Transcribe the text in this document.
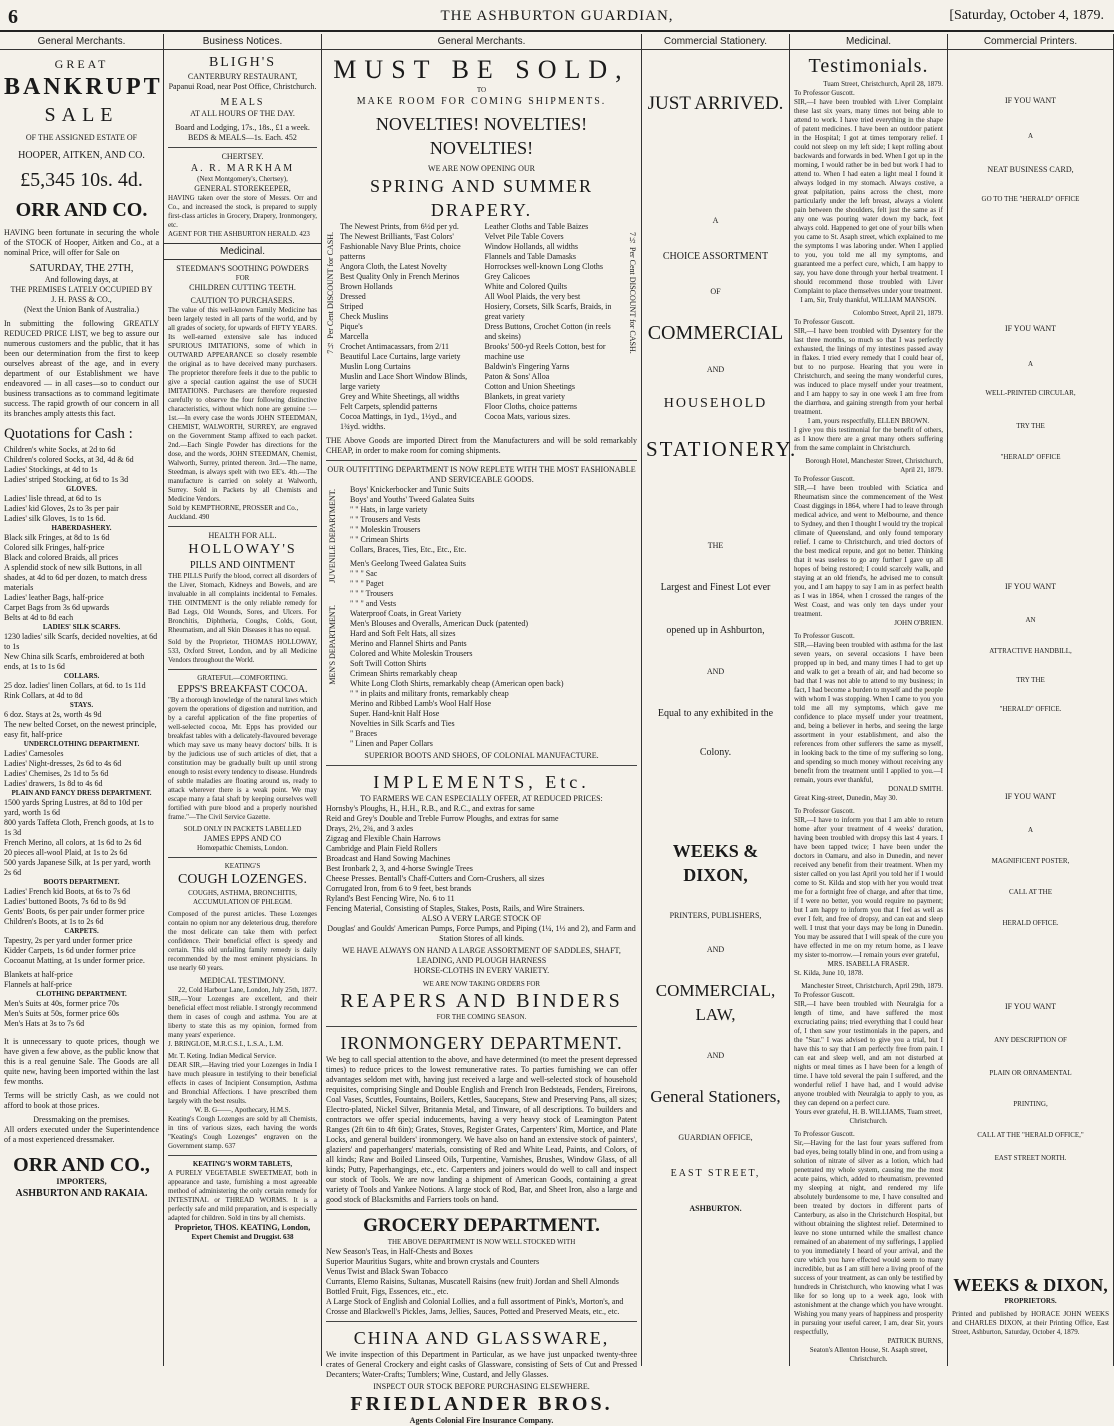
6	THE ASHBURTON GUARDIAN,	[Saturday, October 4, 1879.
General Merchants.
GREAT
BANKRUPT
SALE
OF THE ASSIGNED ESTATE OF
HOOPER, AITKEN, AND CO.
£5,345 10s. 4d.
ORR AND CO.
HAVING been fortunate in securing the whole of the STOCK of Hooper, Aitken and Co., at a nominal Price, will offer for Sale on
SATURDAY, THE 27TH,
And following days, at
THE PREMISES LATELY OCCUPIED BY
J. H. PASS & CO.,
(Next the Union Bank of Australia.)
In submitting the following GREATLY REDUCED PRICE LIST, we beg to assure our numerous customers and the public, that it has been our determination from the first to keep ourselves abreast of the age, and in every department of our Establishment we have endeavored — in all cases—so to conduct our business transactions as to command legitimate success. The rapid growth of our concern in all its branches amply attests this fact.
Quotations for Cash :
Children's white Socks, at 2d to 6d
Children's colored Socks, at 3d, 4d & 6d
Ladies' Stockings, at 4d to 1s
Ladies' striped Stocking, at 6d to 1s 3d
GLOVES.
Ladies' lisle thread, at 6d to 1s
Ladies' kid Gloves, 2s to 3s per pair
Ladies' silk Gloves, 1s to 1s 6d.
HABERDASHERY.
Black silk Fringes, at 8d to 1s 6d
Colored silk Fringes, half-price
Black and colored Braids, all prices
A splendid stock of new silk Buttons, in all shades, at 4d to 6d per dozen, to match dress materials
Ladies' leather Bags, half-price
Carpet Bags from 3s 6d upwards
Belts at 4d to 8d each
LADIES' SILK SCARFS.
1230 ladies' silk Scarfs, decided novelties, at 6d to 1s
New China silk Scarfs, embroidered at both ends, at 1s to 1s 6d
COLLARS.
25 doz. ladies' linen Collars, at 6d. to 1s 11d
Rink Collars, at 4d to 8d
STAYS.
6 doz. Stays at 2s, worth 4s 9d
The new belted Corset, on the newest principle, easy fit, half-price
UNDERCLOTHING DEPARTMENT.
Ladies' Camesoles
Ladies' Night-dresses, 2s 6d to 4s 6d
Ladies' Chemises, 2s 1d to 5s 6d
Ladies' drawers, 1s 8d to 4s 6d
PLAIN AND FANCY DRESS DEPARTMENT.
1500 yards Spring Lustres, at 8d to 10d per yard, worth 1s 6d
800 yards Taffeta Cloth, French goods, at 1s to 1s 3d
French Merino, all colors, at 1s 6d to 2s 6d
20 pieces all-wool Plaid, at 1s to 2s 6d
500 yards Japanese Silk, at 1s per yard, worth 2s 6d
BOOTS DEPARTMENT.
Ladies' French kid Boots, at 6s to 7s 6d
Ladies' buttoned Boots, 7s 6d to 8s 9d
Gents' Boots, 6s per pair under former price
Children's Boots, at 1s to 2s 6d
CARPETS.
Tapestry, 2s per yard under former price
Kidder Carpets, 1s 6d under former price
Cocoanut Matting, at 1s under former price.
Blankets at half-price
Flannels at half-price
CLOTHING DEPARTMENT.
Men's Suits at 40s, former price 70s
Men's Suits at 50s, former price 60s
Men's Hats at 3s to 7s 6d
It is unnecessary to quote prices, though we have given a few above, as the public know that this is a real genuine Sale. The Goods are all quite new, having been imported within the last few months.
Terms will be strictly Cash, as we could not afford to book at those prices.
Dressmaking on the premises.
All orders executed under the Superintendence of a most experienced dressmaker.
ORR AND CO.,
IMPORTERS,
ASHBURTON AND RAKAIA.
Business Notices.
BLIGH'S
CANTERBURY RESTAURANT,
Papanui Road, near Post Office, Christchurch.
MEALS
AT ALL HOURS OF THE DAY.
Board and Lodging, 17s., 18s., £1 a week.
BEDS & MEALS—1s. Each. 452
CHERTSEY.
A. R. MARKHAM
(Next Montgomery's, Chertsey),
GENERAL STOREKEEPER,
HAVING taken over the store of Messrs. Orr and Co., and increased the stock, is prepared to supply first-class articles in Grocery, Drapery, Ironmongery, etc.
AGENT FOR THE ASHBURTON HERALD. 423
Medicinal.
STEEDMAN'S SOOTHING POWDERS
FOR
CHILDREN CUTTING TEETH.
CAUTION TO PURCHASERS.
The value of this well-known Family Medicine has been largely tested in all parts of the world, and by all grades of society, for upwards of FIFTY YEARS. Its well-earned extensive sale has induced SPURIOUS IMITATIONS, some of which in OUTWARD APPEARANCE so closely resemble the original as to have deceived many purchasers. The proprietor therefore feels it due to the public to give a special caution against the use of SUCH IMITATIONS. Purchasers are therefore requested carefully to observe the four following distinctive characteristics, without which none are genuine :— 1st.—In every case the words JOHN STEEDMAN, CHEMIST, WALWORTH, SURREY, are engraved on the Government Stamp affixed to each packet. 2nd.—Each Single Powder has directions for the dose, and the words, JOHN STEEDMAN, Chemist, Walworth, Surrey, printed thereon. 3rd.—The name, Steedman, is always spelt with two EE's. 4th.—The manufacture is carried on solely at Walworth, Surrey. Sold in Packets by all Chemists and Medicine Vendors.
Sold by KEMPTHORNE, PROSSER and Co., Auckland. 490
HEALTH FOR ALL.
HOLLOWAY'S
PILLS AND OINTMENT
THE PILLS Purify the blood, correct all disorders of the Liver, Stomach, Kidneys and Bowels, and are invaluable in all complaints incidental to Females. THE OINTMENT is the only reliable remedy for Bad Legs, Old Wounds, Sores, and Ulcers. For Bronchitis, Diphtheria, Coughs, Colds, Gout, Rheumatism, and all Skin Diseases it has no equal.
Sold by the Proprietor, THOMAS HOLLOWAY, 533, Oxford Street, London, and by all Medicine Vendors throughout the World.
GRATEFUL—COMFORTING.
EPPS'S BREAKFAST COCOA.
"By a thorough knowledge of the natural laws which govern the operations of digestion and nutrition, and by a careful application of the fine properties of well-selected cocoa, Mr. Epps has provided our breakfast tables with a delicately-flavoured beverage which may save us many heavy doctors' bills. It is by the judicious use of such articles of diet, that a constitution may be gradually built up until strong enough to resist every tendency to disease. Hundreds of subtle maladies are floating around us, ready to attack wherever there is a weak point. We may escape many a fatal shaft by keeping ourselves well fortified with pure blood and a properly nourished frame."—The Civil Service Gazette.
SOLD ONLY IN PACKETS LABELLED
JAMES EPPS AND CO
Homœpathic Chemists, London.
KEATING'S
COUGH LOZENGES.
COUGHS, ASTHMA, BRONCHITIS,
ACCUMULATION OF PHLEGM.
Composed of the purest articles. These Lozenges contain no opium nor any deleterious drug, therefore the most delicate can take them with perfect confidence. Their beneficial effect is speedy and certain. This old unfailing family remedy is daily recommended by the most eminent physicians. In use nearly 60 years.
MEDICAL TESTIMONY.
22, Cold Harbour Lane, London, July 25th, 1877.
SIR,—Your Lozenges are excellent, and their beneficial effect most reliable. I strongly recommend them in cases of cough and asthma. You are at liberty to state this as my opinion, formed from many years' experience.
J. BRINGLOE, M.R.C.S.I., L.S.A., L.M.
Mr. T. Keting. Indian Medical Service.
DEAR SIR,—Having tried your Lozenges in India I have much pleasure in testifying to their beneficial effects in cases of Incipient Consumption, Asthma and Bronchial Affections. I have prescribed them largely with the best results.
W. B. G——, Apothecary, H.M.S.
Keating's Cough Lozenges are sold by all Chemists, in tins of various sizes, each having the words "Keating's Cough Lozenges" engraven on the Government stamp. 637
KEATING'S WORM TABLETS,
A PURELY VEGETABLE SWEETMEAT, both in appearance and taste, furnishing a most agreeable method of administering the only certain remedy for INTESTINAL or THREAD WORMS. It is a perfectly safe and mild preparation, and is especially adapted for children. Sold in tins by all chemists.
Proprietor, THOS. KEATING, London,
Expert Chemist and Druggist. 638
General Merchants.
MUST BE SOLD,
TO
MAKE ROOM FOR COMING SHIPMENTS.
NOVELTIES! NOVELTIES! NOVELTIES!
WE ARE NOW OPENING OUR
SPRING AND SUMMER DRAPERY.
7½ Per Cent DISCOUNT for CASH.	7½ Per Cent DISCOUNT for CASH.
The Newest Prints, from 6½d per yd.
The Newest Brilliants, 'Fast Colors'
Fashionable Navy Blue Prints, choice patterns
Angora Cloth, the Latest Novelty
Best Quality Only in French Merinos
Brown Hollands
Dressed
Striped
Check Muslins
Pique's
Marcella
Crochet Antimacassars, from 2/11
Beautiful Lace Curtains, large variety
Muslin Long Curtains
Muslin and Lace Short Window Blinds, large variety
Grey and White Sheetings, all widths
Felt Carpets, splendid patterns
Cocoa Mattings, in 1yd., 1½yd., and 1¾yd. widths.
Leather Cloths and Table Baizes
Velvet Pile Table Covers
Window Hollands, all widths
Flannels and Table Damasks
Horrockses well-known Long Cloths
Grey Calicoes
White and Colored Quilts
All Wool Plaids, the very best
Hosiery, Corsets, Silk Scarfs, Braids, in great variety
Dress Buttons, Crochet Cotton (in reels and skeins)
Brooks' 500-yd Reels Cotton, best for machine use
Baldwin's Fingering Yarns
Paton & Sons' Alloa
Cotton and Union Sheetings
Blankets, in great variety
Floor Cloths, choice patterns
Cocoa Mats, various sizes.
THE Above Goods are imported Direct from the Manufacturers and will be sold remarkably CHEAP, in order to make room for coming shipments.
OUR OUTFITTING DEPARTMENT IS NOW REPLETE WITH THE MOST FASHIONABLE AND SERVICEABLE GOODS.
JUVENILE DEPARTMENT. Boys' Knickerbocker and Tunic Suits
Boys' and Youths' Tweed Galatea Suits
" " Hats, in large variety
" " Trousers and Vests
" " Moleskin Trousers
" " Crimean Shirts
Collars, Braces, Ties, Etc., Etc., Etc.
MEN'S DEPARTMENT.
Men's Geelong Tweed Galatea Suits
" " " Sac
" " " Paget
" " " Trousers
" " " and Vests
Waterproof Coats, in Great Variety
Men's Blouses and Overalls, American Duck (patented)
Hard and Soft Felt Hats, all sizes
Merino and Flannel Shirts and Pants
Colored and White Moleskin Trousers
Soft Twill Cotton Shirts
Crimean Shirts remarkably cheap
White Long Cloth Shirts, remarkably cheap (American open back)
" " in plaits and military fronts, remarkably cheap
Merino and Ribbed Lamb's Wool Half Hose
Super. Hand-knit Half Hose
Novelties in Silk Scarfs and Ties
" Braces
" Linen and Paper Collars
SUPERIOR BOOTS AND SHOES, OF COLONIAL MANUFACTURE.
IMPLEMENTS, Etc.
TO FARMERS WE CAN ESPECIALLY OFFER, AT REDUCED PRICES:
Hornsby's Ploughs, H., H.H., R.B., and R.C., and extras for same
Reid and Grey's Double and Treble Furrow Ploughs, and extras for same
Drays, 2½, 2¾, and 3 axles
Zigzag and Flexible Chain Harrows
Cambridge and Plain Field Rollers
Broadcast and Hand Sowing Machines
Best Ironbark 2, 3, and 4-horse Swingle Trees
Cheese Presses. Bentall's Chaff-Cutters and Corn-Crushers, all sizes
Corrugated Iron, from 6 to 9 feet, best brands
Ryland's Best Fencing Wire, No. 6 to 11
Fencing Material, Consisting of Staples, Stakes, Posts, Rails, and Wire Strainers.
ALSO A VERY LARGE STOCK OF
Douglas' and Goulds' American Pumps, Force Pumps, and Piping (1¼, 1½ and 2), and Farm and Station Stores of all kinds.
WE HAVE ALWAYS ON HAND A LARGE ASSORTMENT OF SADDLES, SHAFT, LEADING, AND PLOUGH HARNESS
HORSE-CLOTHS IN EVERY VARIETY.
WE ARE NOW TAKING ORDERS FOR
REAPERS AND BINDERS
FOR THE COMING SEASON.
IRONMONGERY DEPARTMENT.
We beg to call special attention to the above, and have determined (to meet the present depressed times) to reduce prices to the lowest remunerative rates. To parties furnishing we can offer advantages seldom met with, having just received a large and well-selected stock of household requisites, comprising Single and Double English and French Iron Bedsteads, Fenders, Fireirons, Coal Vases, Scuttles, Fountains, Boilers, Kettles, Saucepans, Stew and Preserving Pans, all sizes; Electro-plated, Nickel Silver, Britannia Metal, and Tinware, of all descriptions. To builders and contractors we offer special inducements, having a very heavy stock of Leamington Patent Ranges (2ft 6in to 4ft 6in); Grates, Stoves, Register Grates, Carpenters' Rim, Mortice, and Plate Locks, and general builders' ironmongery. We have also on hand an extensive stock of painters', glaziers' and paperhangers' materials, consisting of Red and White Lead, Paints, and Colors, of all kinds; Raw and Boiled Linseed Oils, Turpentine, Varnishes, Brushes, Window Glass, of all kinds; Putty, Paperhangings, etc., etc. Carpenters and joiners would do well to call and inspect our stock of Tools. We are now landing a shipment of American Goods, containing a great variety of Tools and Yankee Notions. A large stock of Rod, Bar, and Sheet Iron, also a large and good stock of Blacksmiths and Farriers tools on hand.
GROCERY DEPARTMENT.
THE ABOVE DEPARTMENT IS NOW WELL STOCKED WITH
New Season's Teas, in Half-Chests and Boxes
Superior Mauritius Sugars, white and brown crystals and Counters
Venus Twist and Black Swan Tobacco
Currants, Elemo Raisins, Sultanas, Muscatell Raisins (new fruit) Jordan and Shell Almonds
Bottled Fruit, Figs, Essences, etc., etc.
A Large Stock of English and Colonial Lollies, and a full assortment of Pink's, Morton's, and Crosse and Blackwell's Pickles, Jams, Jellies, Sauces, Potted and Preserved Meats, etc., etc.
CHINA AND GLASSWARE,
We invite inspection of this Department in Particular, as we have just unpacked twenty-three crates of General Crockery and eight casks of Glassware, consisting of Sets of Cut and Pressed Decanters; Water-Crafts; Tumblers; Wine, Custard, and Jelly Glasses.
INSPECT OUR STOCK BEFORE PURCHASING ELSEWHERE.
FRIEDLANDER BROS.
Agents Colonial Fire Insurance Company.
Commercial Stationery.
JUST ARRIVED.
A
CHOICE ASSORTMENT
OF
COMMERCIAL
AND
HOUSEHOLD
STATIONERY.
THE
Largest and Finest Lot ever
opened up in Ashburton,
AND
Equal to any exhibited in the
Colony.
WEEKS & DIXON,
PRINTERS, PUBLISHERS,
AND
COMMERCIAL, LAW,
AND
General Stationers,
GUARDIAN OFFICE,
EAST STREET,
ASHBURTON.
Medicinal.
Testimonials.
Tuam Street, Christchurch, April 28, 1879.
To Professor Guscott.
SIR,—I have been troubled with Liver Complaint these last six years, many times not being able to attend to work. I have tried everything in the shape of patent medicines. I have been an outdoor patient in the Hospital; I got at times temporary relief. I could not sleep on my left side; I kept rolling about backwards and forwards in bed. When I got up in the morning, I would rather be in bed but work I had to attend to. When I had eaten a light meal I found it always lodged in my stomach. Always costive, a great palpitation, pains across the chest, more particularly under the left breast, always a violent pain between the shoulders, felt just the same as if any one was pouring water down my back, feet always cold. Happened to get one of your bills when you came to St. Asaph street, which explained to me the symptoms I was laboring under. When I applied to you, you told me all my symptoms, and guaranteed me a perfect cure, which, I am happy to say, you have done through your herbal treatment. I should recommend those troubled with Liver Complaint to place themselves under your treatment.
I am, Sir, Truly thankful, WILLIAM MANSON.
Colombo Street, April 21, 1879.
To Professor Guscott.
SIR,—I have been troubled with Dysentery for the last three months, so much so that I was perfectly exhausted, the linings of my intestines passed away in flakes. I tried every remedy that I could hear of, but to no purpose. Hearing that you were in Christchurch, and seeing the many wonderful cures, was induced to place myself under your treatment, and I am happy to say in one week I am free from the diarrhœa, and gaining strength from your herbal treatment.
I am, yours respectfully, ELLEN BROWN.
I give you this testimonial for the benefit of others, as I know there are a great many others suffering from the same complaint in Christchurch.
Borough Hotel, Manchester Street, Christchurch, April 21, 1879.
To Professor Guscott.
SIR,—I have been troubled with Sciatica and Rheumatism since the commencement of the West Coast diggings in 1864, where I had to leave through medical advice, and went to Melbourne, and thence to Sydney, and then I thought I would try the tropical climate of Queensland, and only found temporary relief. I came to Christchurch, and tried doctors of the best medical repute, and got no better. Thinking that it was useless to go any further I gave up all hopes of being restored; I could scarcely walk, and staying at an old friend's, he advised me to consult you, and I am happy to say I am in as perfect health as I was in 1864, when I crossed the ranges of the West Coast, and was only ten days under your treatment.
JOHN O'BRIEN.
To Professor Guscott.
SIR,—Having been troubled with asthma for the last seven years, on several occasions I have been propped up in bed, and many times I had to get up and walk to get a breath of air, and had become so bad that I was not able to attend to my business; in fact, I had become a burden to myself and the people with whom I was stopping. When I came to you you told me all my symptoms, which gave me confidence to place myself under your treatment, and, being a believer in herbs, and seeing the large assortment in your establishment, and also the references from other sufferers the same as myself, in looking back to the time of my suffering so long, and spending so much money without receiving any benefit from the treatment until I applied to you.—I remain, yours ever thankful,
DONALD SMITH.
Great King-street, Dunedin, May 30.
To Professor Guscott.
SIR,—I have to inform you that I am able to return home after your treatment of 4 weeks' duration, having been troubled with dropsy this last 4 years. I have been tapped twice; I have been under the doctors in Oamaru, and also in Dunedin, and never received any benefit from their treatment. When my sister called on you last April you told her if I would come to St. Kilda and stop with her you would treat me for a fortnight free of charge, and after that time, if I were no better, you would require no payment; but I am happy to inform you that I feel as well as ever I felt, and free of dropsy, and can eat and sleep well. I trust that your days may be long in Dunedin. You may be assured that I will speak of the cure you have effected in me on my return home, as I leave my sister to-morrow.—I remain yours ever grateful,
MRS. ISABELLA FRASER.
St. Kilda, June 10, 1878.
Manchester Street, Christchurch, April 29th, 1879.
To Professor Guscott.
SIR,—I have been troubled with Neuralgia for a length of time, and have suffered the most excruciating pains; tried everything that I could hear of, I then saw your testimonials in the papers, and the "Star." I was advised to give you a trial, but I have this to say that I am perfectly free from pain. I can eat and sleep well, and am not disturbed at nights or meal times as I have been for a length of time. I have told several the pain I suffered, and the wonderful relief I have had, and I would advise anyone troubled with Neuralgia to apply to you, as they can depend on a perfect cure.
Yours ever grateful, H. B. WILLIAMS, Tuam street, Christchurch.
To Professor Guscott.
Sir,—Having for the last four years suffered from bad eyes, being totally blind in one, and from using a solution of nitrate of silver as a lotion, which had penetrated my whole system, causing me the most acute pains, which, added to rheumatism, prevented my sleeping at night, and rendered my life absolutely burdensome to me, I have consulted and been treated by doctors in different parts of Canterbury, as also in the Christchurch Hospital, but without obtaining the slightest relief. Determined to leave no stone unturned while the smallest chance remained of an abatement of my sufferings, I applied to you immediately I heard of your arrival, and the cure which you have effected would seem to many incredible, but as I am still here a living proof of the success of your treatment, as can only be testified by hundreds in Christchurch, who knowing what I was like for so long up to a week ago, look with astonishment at the change which you have wrought. Wishing you many years of happiness and prosperity in pursuing your useful career, I am, dear Sir, yours respectfully,
PATRICK BURNS,
Seaton's Allenton House, St. Asaph street, Christchurch.
Commercial Printers.
IF YOU WANT
A
NEAT BUSINESS CARD,
GO TO THE "HERALD" OFFICE
IF YOU WANT
A
WELL-PRINTED CIRCULAR,
TRY THE
"HERALD" OFFICE
IF YOU WANT
AN
ATTRACTIVE HANDBILL,
TRY THE
"HERALD" OFFICE.
IF YOU WANT
A
MAGNIFICENT POSTER,
CALL AT THE
HERALD OFFICE.
IF YOU WANT
ANY DESCRIPTION OF
PLAIN OR ORNAMENTAL
PRINTING,
CALL AT THE "HERALD OFFICE,"
EAST STREET NORTH.
WEEKS & DIXON,
PROPRIETORS.
Printed and published by HORACE JOHN WEEKS and CHARLES DIXON, at their Printing Office, East Street, Ashburton, Saturday, October 4, 1879.
